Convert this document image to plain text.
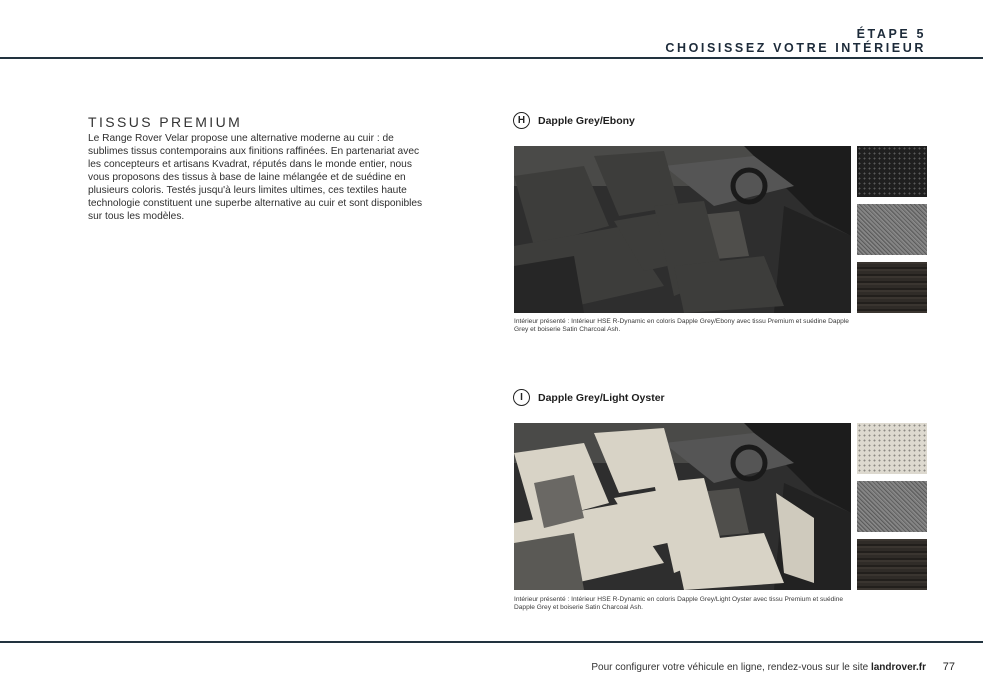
ÉTAPE 5
CHOISISSEZ VOTRE INTÉRIEUR
TISSUS PREMIUM

Le Range Rover Velar propose une alternative moderne au cuir : de sublimes tissus contemporains aux finitions raffinées. En partenariat avec les concepteurs et artisans Kvadrat, réputés dans le monde entier, nous vous proposons des tissus à base de laine mélangée et de suédine en plusieurs coloris. Testés jusqu'à leurs limites ultimes, ces textiles haute technologie constituent une superbe alternative au cuir et sont disponibles sur tous les modèles.

H	Dapple Grey/Ebony
Intérieur présenté : Intérieur HSE R-Dynamic en coloris Dapple Grey/Ebony avec tissu Premium et suédine Dapple Grey et boiserie Satin Charcoal Ash.
I	Dapple Grey/Light Oyster
Intérieur présenté : Intérieur HSE R-Dynamic en coloris Dapple Grey/Light Oyster avec tissu Premium et suédine Dapple Grey et boiserie Satin Charcoal Ash.
Pour configurer votre véhicule en ligne, rendez-vous sur le site landrover.fr 77
